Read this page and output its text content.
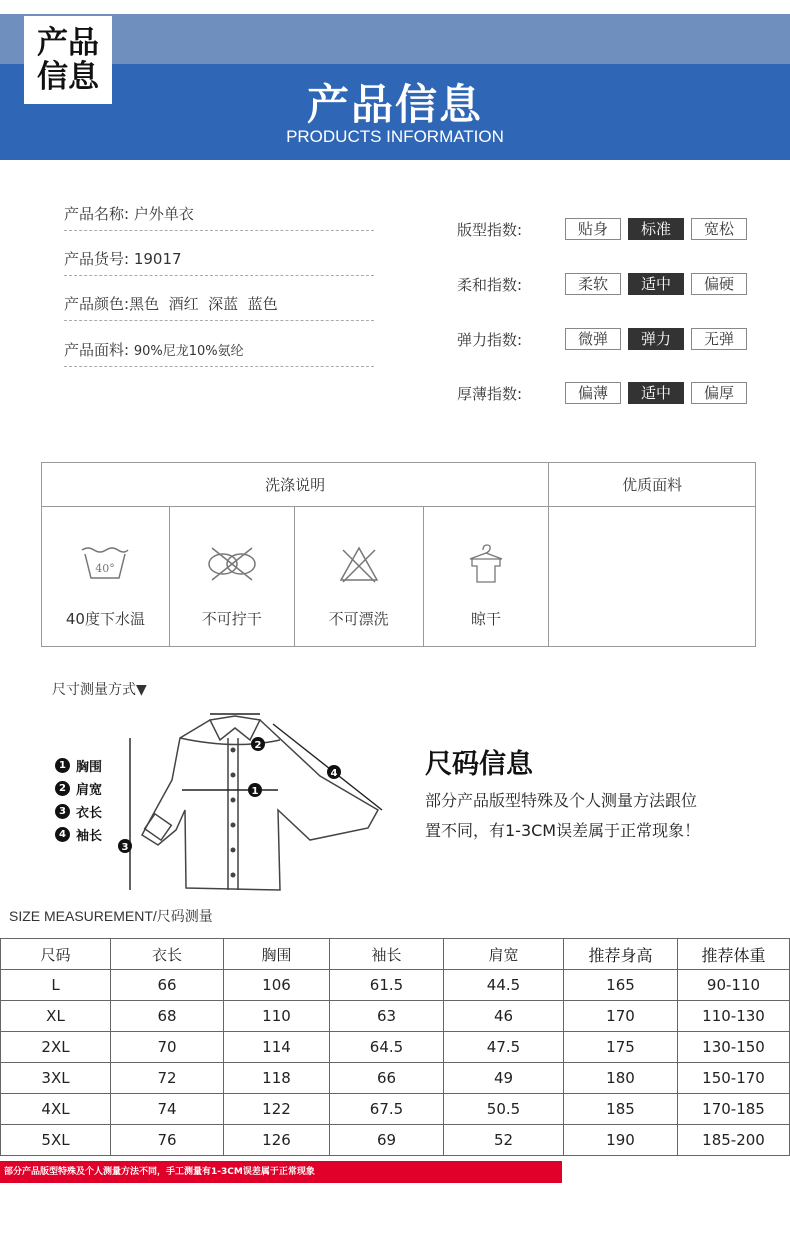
产品
信息
产品信息
PRODUCTS INFORMATION
产品名称: 户外单衣
产品货号: 19017
产品颜色:黑色  酒红  深蓝  蓝色
产品面料: 90%尼龙10%氨纶
版型指数:	贴身	标准	宽松
柔和指数:	柔软	适中	偏硬
弹力指数:	微弹	弹力	无弹
厚薄指数:	偏薄	适中	偏厚
洗涤说明				优质面料

40°
40度下水温	不可拧干	不可漂洗	晾干	

尺寸测量方式▼
1 胸围
2 肩宽
3 衣长
4 袖长
1
2
3
4	尺码信息
部分产品版型特殊及个人测量方法跟位
置不同，有1-3CM误差属于正常现象！
SIZE MEASUREMENT/尺码测量
尺码	衣长	胸围	袖长	肩宽	推荐身高	推荐体重
L	66	106	61.5	44.5	165	90-110
XL	68	110	63	46	170	110-130
2XL	70	114	64.5	47.5	175	130-150
3XL	72	118	66	49	180	150-170
4XL	74	122	67.5	50.5	185	170-185
5XL	76	126	69	52	190	185-200
部分产品版型特殊及个人测量方法不同，手工测量有1-3CM误差属于正常现象
